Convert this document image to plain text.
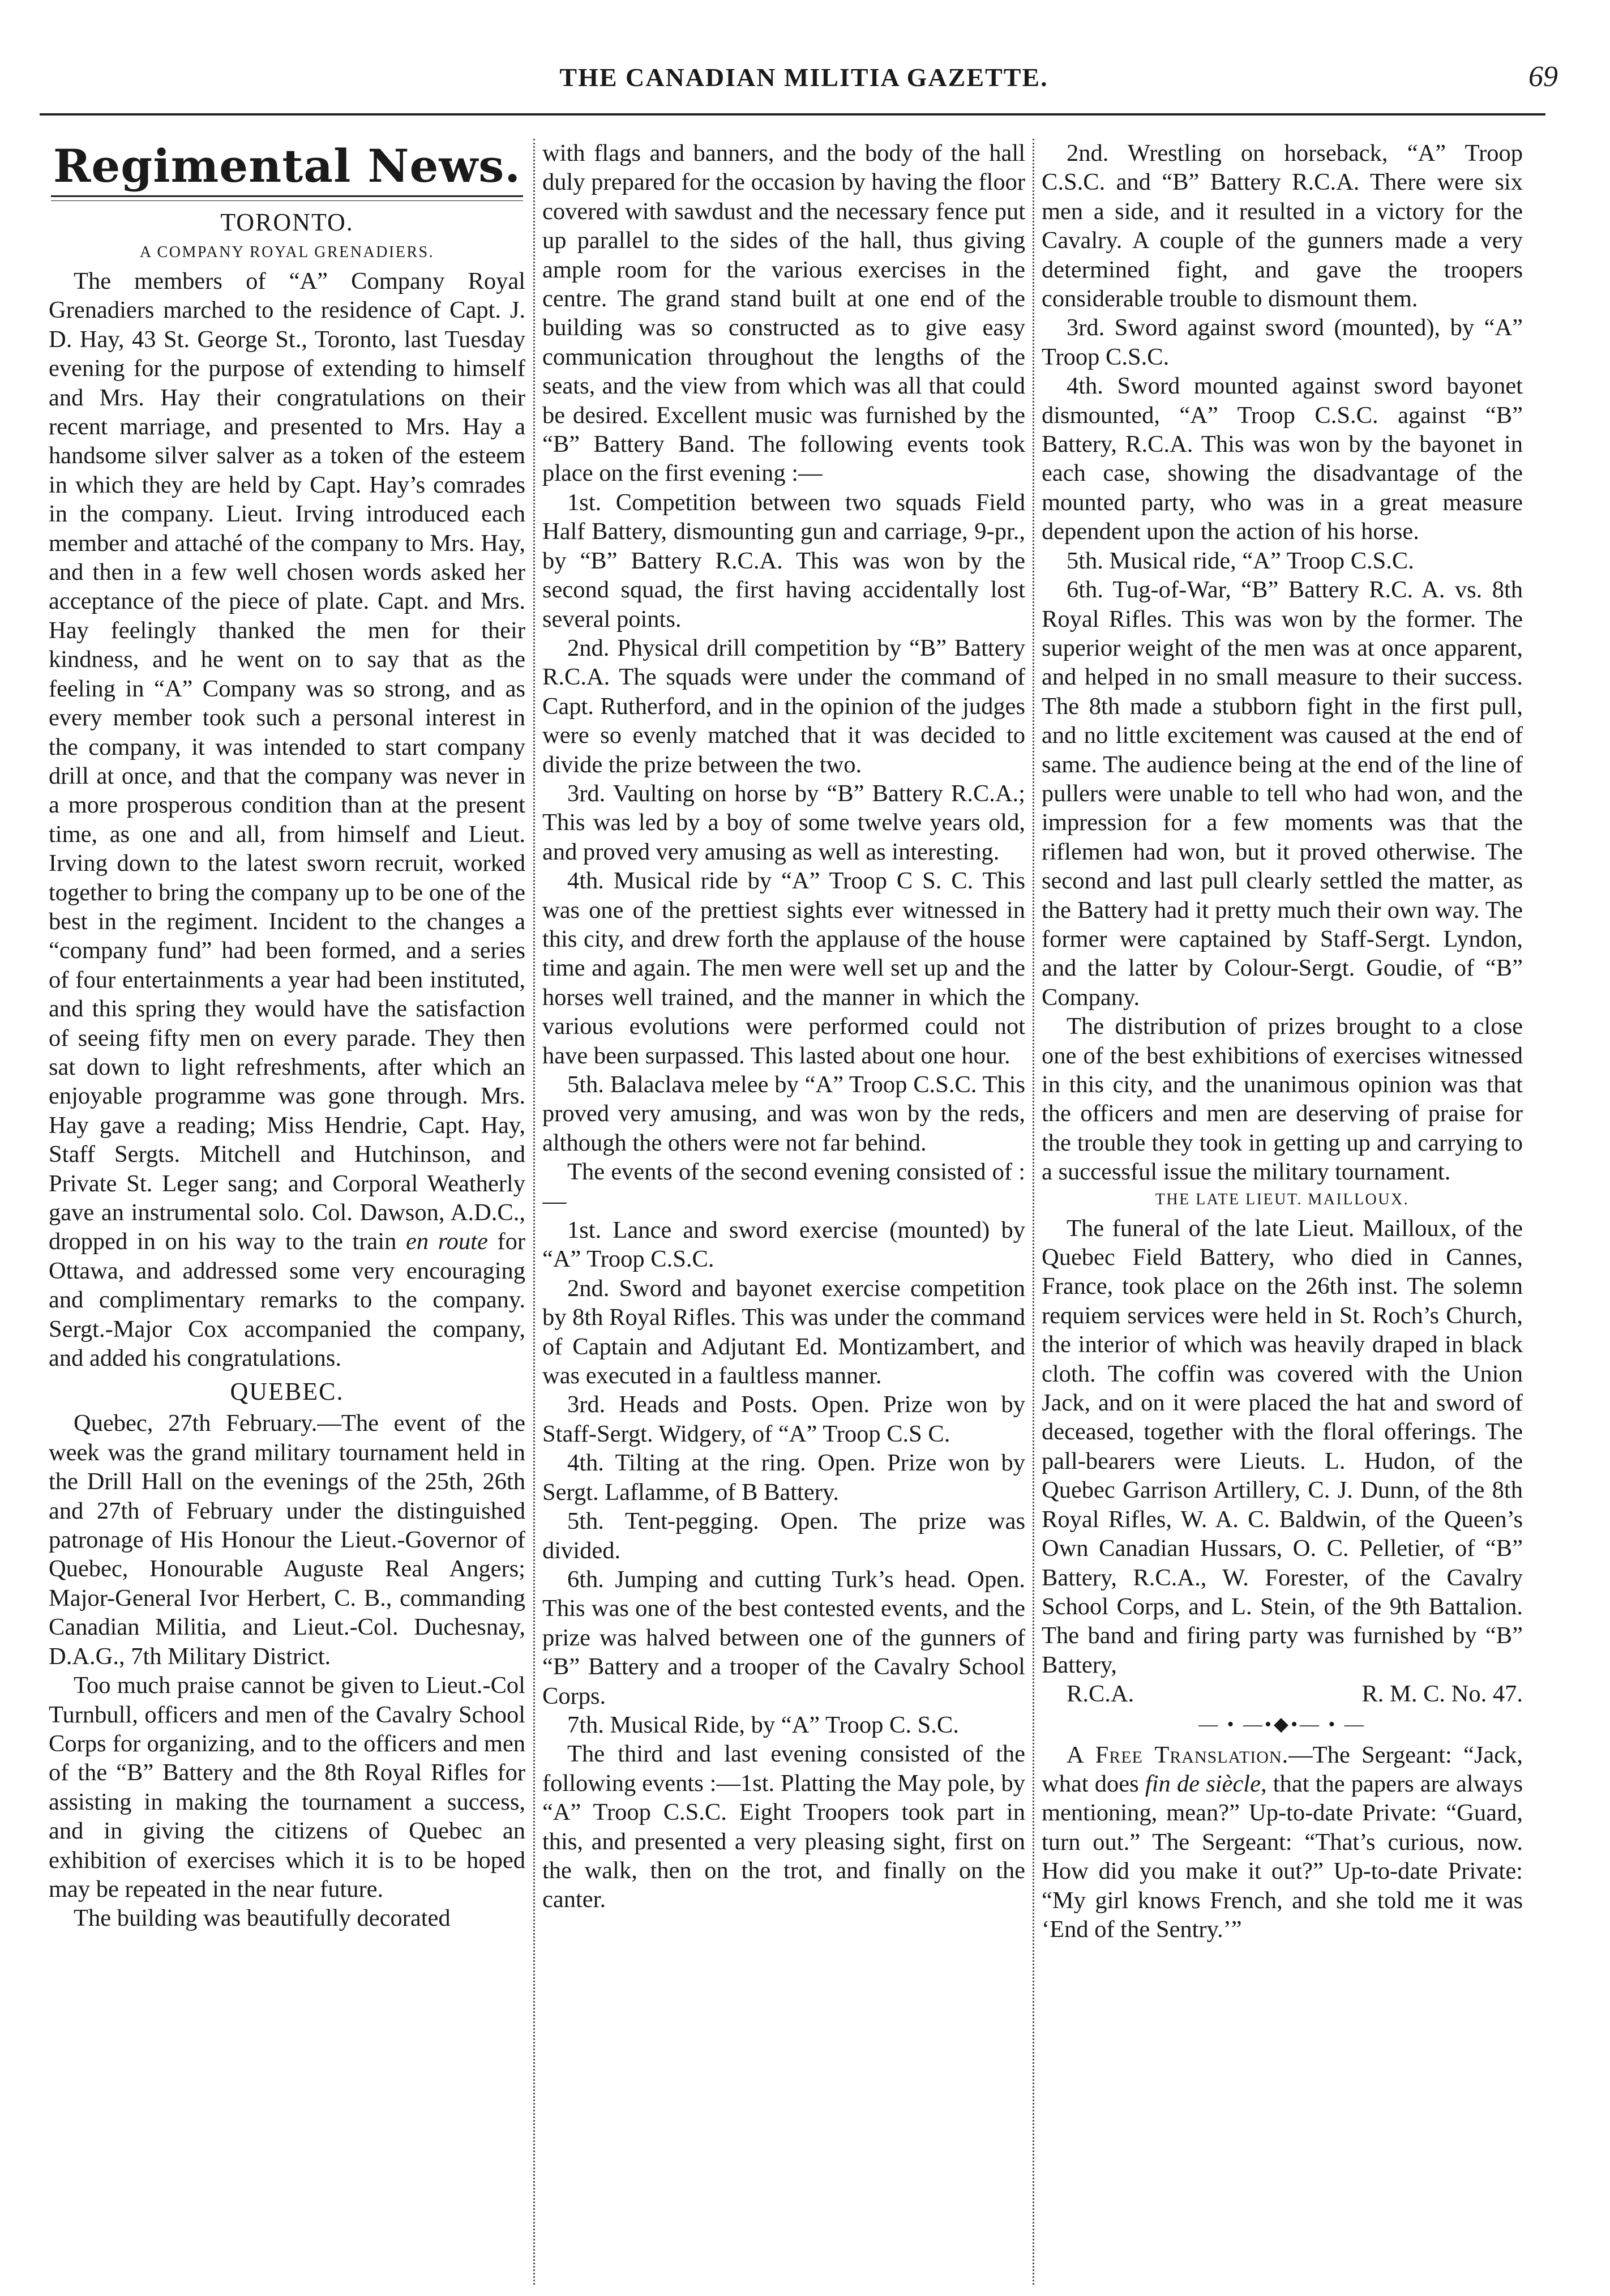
THE CANADIAN MILITIA GAZETTE.	69
Regimental News.
TORONTO.
A COMPANY ROYAL GRENADIERS.

The members of “A” Company Royal Grenadiers marched to the residence of Capt. J. D. Hay, 43 St. George St., Toronto, last Tuesday evening for the purpose of extending to himself and Mrs. Hay their congratulations on their recent marriage, and presented to Mrs. Hay a handsome silver salver as a token of the esteem in which they are held by Capt. Hay’s comrades in the company. Lieut. Irving introduced each member and attaché of the company to Mrs. Hay, and then in a few well chosen words asked her acceptance of the piece of plate. Capt. and Mrs. Hay feelingly thanked the men for their kindness, and he went on to say that as the feeling in “A” Company was so strong, and as every member took such a personal interest in the company, it was intended to start company drill at once, and that the company was never in a more prosperous condition than at the present time, as one and all, from himself and Lieut. Irving down to the latest sworn recruit, worked together to bring the company up to be one of the best in the regiment. Incident to the changes a “company fund” had been formed, and a series of four entertainments a year had been instituted, and this spring they would have the satisfaction of seeing fifty men on every parade. They then sat down to light refreshments, after which an enjoyable programme was gone through. Mrs. Hay gave a reading; Miss Hendrie, Capt. Hay, Staff Sergts. Mitchell and Hutchinson, and Private St. Leger sang; and Corporal Weatherly gave an instrumental solo. Col. Dawson, A.D.C., dropped in on his way to the train en route for Ottawa, and addressed some very encouraging and complimentary remarks to the company. Sergt.-Major Cox accompanied the company, and added his congratulations.

QUEBEC.

Quebec, 27th February.—The event of the week was the grand military tournament held in the Drill Hall on the evenings of the 25th, 26th and 27th of February under the distinguished patronage of His Honour the Lieut.-Governor of Quebec, Honourable Auguste Real Angers; Major-General Ivor Herbert, C. B., commanding Canadian Militia, and Lieut.-Col. Duchesnay, D.A.G., 7th Military District.

Too much praise cannot be given to Lieut.-Col Turnbull, officers and men of the Cavalry School Corps for organizing, and to the officers and men of the “B” Battery and the 8th Royal Rifles for assisting in making the tournament a success, and in giving the citizens of Quebec an exhibition of exercises which it is to be hoped may be repeated in the near future.

The building was beautifully decorated

with flags and banners, and the body of the hall duly prepared for the occasion by having the floor covered with sawdust and the necessary fence put up parallel to the sides of the hall, thus giving ample room for the various exercises in the centre. The grand stand built at one end of the building was so constructed as to give easy communication throughout the lengths of the seats, and the view from which was all that could be desired. Excellent music was furnished by the “B” Battery Band. The following events took place on the first evening :—

1st. Competition between two squads Field Half Battery, dismounting gun and carriage, 9-pr., by “B” Battery R.C.A. This was won by the second squad, the first having accidentally lost several points.

2nd. Physical drill competition by “B” Battery R.C.A. The squads were under the command of Capt. Rutherford, and in the opinion of the judges were so evenly matched that it was decided to divide the prize between the two.

3rd. Vaulting on horse by “B” Battery R.C.A.; This was led by a boy of some twelve years old, and proved very amusing as well as interesting.

4th. Musical ride by “A” Troop C S. C. This was one of the prettiest sights ever witnessed in this city, and drew forth the applause of the house time and again. The men were well set up and the horses well trained, and the manner in which the various evolutions were performed could not have been surpassed. This lasted about one hour.

5th. Balaclava melee by “A” Troop C.S.C. This proved very amusing, and was won by the reds, although the others were not far behind.

The events of the second evening consisted of :—

1st. Lance and sword exercise (mounted) by “A” Troop C.S.C.

2nd. Sword and bayonet exercise competition by 8th Royal Rifles. This was under the command of Captain and Adjutant Ed. Montizambert, and was executed in a faultless manner.

3rd. Heads and Posts. Open. Prize won by Staff-Sergt. Widgery, of “A” Troop C.S C.

4th. Tilting at the ring. Open. Prize won by Sergt. Laflamme, of B Battery.

5th. Tent-pegging. Open. The prize was divided.

6th. Jumping and cutting Turk’s head. Open. This was one of the best contested events, and the prize was halved between one of the gunners of “B” Battery and a trooper of the Cavalry School Corps.

7th. Musical Ride, by “A” Troop C. S.C.

The third and last evening consisted of the following events :—1st. Platting the May pole, by “A” Troop C.S.C. Eight Troopers took part in this, and presented a very pleasing sight, first on the walk, then on the trot, and finally on the canter.

2nd. Wrestling on horseback, “A” Troop C.S.C. and “B” Battery R.C.A. There were six men a side, and it resulted in a victory for the Cavalry. A couple of the gunners made a very determined fight, and gave the troopers considerable trouble to dismount them.

3rd. Sword against sword (mounted), by “A” Troop C.S.C.

4th. Sword mounted against sword bayonet dismounted, “A” Troop C.S.C. against “B” Battery, R.C.A. This was won by the bayonet in each case, showing the disadvantage of the mounted party, who was in a great measure dependent upon the action of his horse.

5th. Musical ride, “A” Troop C.S.C.

6th. Tug-of-War, “B” Battery R.C. A. vs. 8th Royal Rifles. This was won by the former. The superior weight of the men was at once apparent, and helped in no small measure to their success. The 8th made a stubborn fight in the first pull, and no little excitement was caused at the end of same. The audience being at the end of the line of pullers were unable to tell who had won, and the impression for a few moments was that the riflemen had won, but it proved otherwise. The second and last pull clearly settled the matter, as the Battery had it pretty much their own way. The former were captained by Staff-Sergt. Lyndon, and the latter by Colour-Sergt. Goudie, of “B” Company.

The distribution of prizes brought to a close one of the best exhibitions of exercises witnessed in this city, and the unanimous opinion was that the officers and men are deserving of praise for the trouble they took in getting up and carrying to a successful issue the military tournament.

THE LATE LIEUT. MAILLOUX.

The funeral of the late Lieut. Mailloux, of the Quebec Field Battery, who died in Cannes, France, took place on the 26th inst. The solemn requiem services were held in St. Roch’s Church, the interior of which was heavily draped in black cloth. The coffin was covered with the Union Jack, and on it were placed the hat and sword of deceased, together with the floral offerings. The pall-bearers were Lieuts. L. Hudon, of the Quebec Garrison Artillery, C. J. Dunn, of the 8th Royal Rifles, W. A. C. Baldwin, of the Queen’s Own Canadian Hussars, O. C. Pelletier, of “B” Battery, R.C.A., W. Forester, of the Cavalry School Corps, and L. Stein, of the 9th Battalion. The band and firing party was furnished by “B” Battery,

R.C.A.	R. M. C. No. 47.

— • —•◆•— • —

A Free Translation.—The Sergeant: “Jack, what does fin de siècle, that the papers are always mentioning, mean?” Up-to-date Private: “Guard, turn out.” The Sergeant: “That’s curious, now. How did you make it out?” Up-to-date Private: “My girl knows French, and she told me it was ‘End of the Sentry.’”
